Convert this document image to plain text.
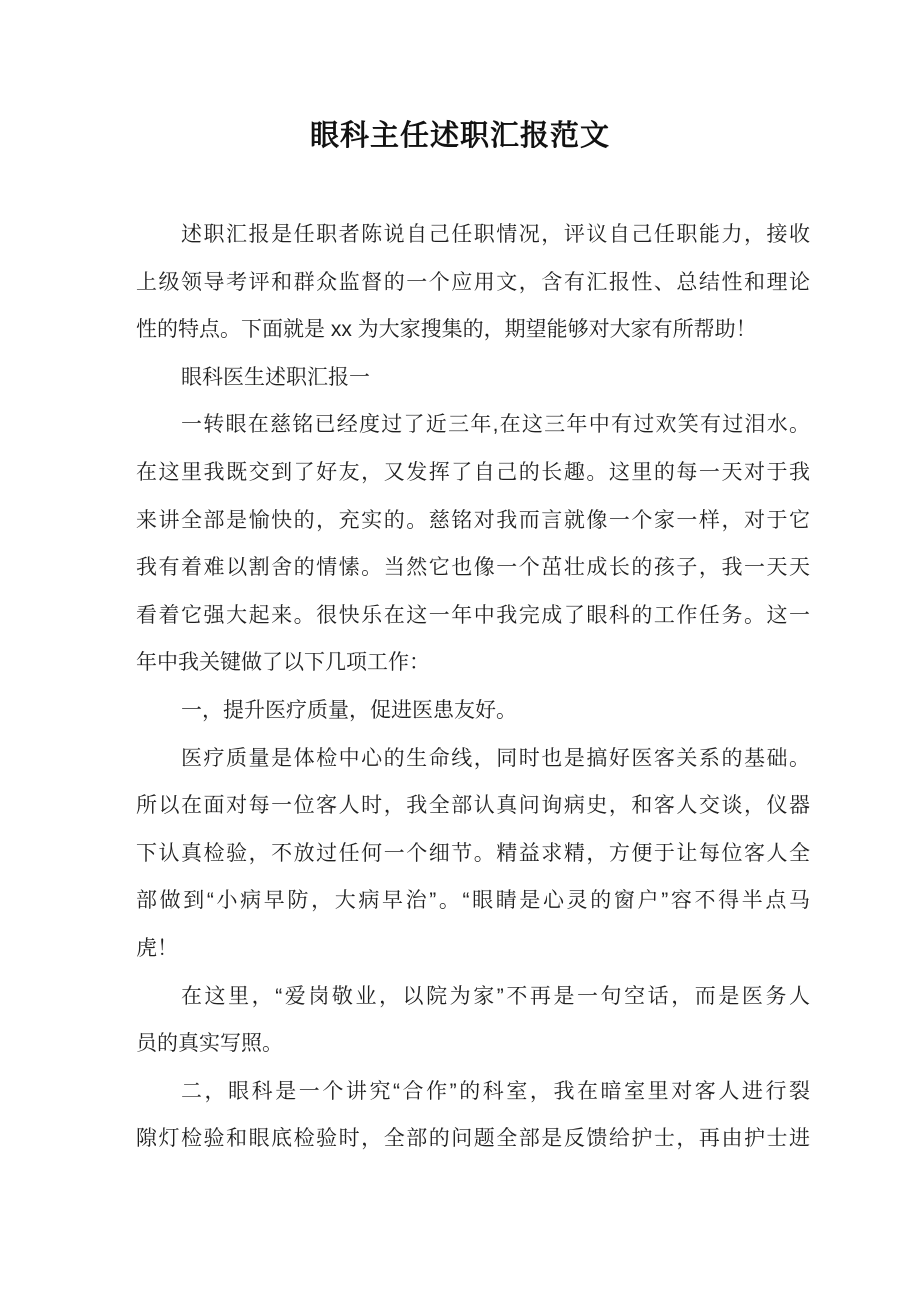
眼科主任述职汇报范文
述职汇报是任职者陈说自己任职情况，评议自己任职能力，接收
上级领导考评和群众监督的一个应用文，含有汇报性、总结性和理论
性的特点。下面就是 xx 为大家搜集的，期望能够对大家有所帮助！
眼科医生述职汇报一
一转眼在慈铭已经度过了近三年,在这三年中有过欢笑有过泪水。
在这里我既交到了好友，又发挥了自己的长趣。这里的每一天对于我
来讲全部是愉快的，充实的。慈铭对我而言就像一个家一样，对于它
我有着难以割舍的情愫。当然它也像一个茁壮成长的孩子，我一天天
看着它强大起来。很快乐在这一年中我完成了眼科的工作任务。这一
年中我关键做了以下几项工作：
一，提升医疗质量，促进医患友好。
医疗质量是体检中心的生命线，同时也是搞好医客关系的基础。
所以在面对每一位客人时，我全部认真问询病史，和客人交谈，仪器
下认真检验，不放过任何一个细节。精益求精，方便于让每位客人全
部做到“小病早防，大病早治”。“眼睛是心灵的窗户”容不得半点马
虎！
在这里，“爱岗敬业，以院为家”不再是一句空话，而是医务人
员的真实写照。
二，眼科是一个讲究“合作”的科室，我在暗室里对客人进行裂
隙灯检验和眼底检验时，全部的问题全部是反馈给护士，再由护士进
